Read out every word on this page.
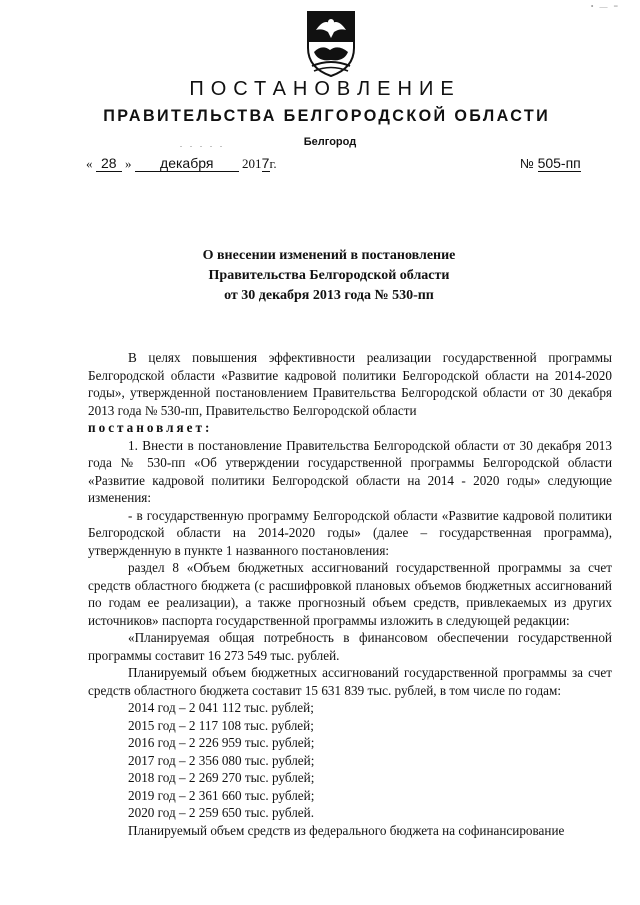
• — =
ПОСТАНОВЛЕНИЕ
ПРАВИТЕЛЬСТВА БЕЛГОРОДСКОЙ ОБЛАСТИ
. . . . .	Белгород
« 28 » декабря 2017г.	№ 505-пп
О внесении изменений в постановление
Правительства Белгородской области
от 30 декабря 2013 года № 530-пп

В целях повышения эффективности реализации государственной программы Белгородской области «Развитие кадровой политики Белгородской области на 2014-2020 годы», утвержденной постановлением Правительства Белгородской области от 30 декабря 2013 года № 530-пп, Правительство Белгородской области

постановляет:

1. Внести в постановление Правительства Белгородской области от 30 декабря 2013 года № 530-пп «Об утверждении государственной программы Белгородской области «Развитие кадровой политики Белгородской области на 2014 - 2020 годы» следующие изменения:

- в государственную программу Белгородской области «Развитие кадровой политики Белгородской области на 2014-2020 годы» (далее – государственная программа), утвержденную в пункте 1 названного постановления:

раздел 8 «Объем бюджетных ассигнований государственной программы за счет средств областного бюджета (с расшифровкой плановых объемов бюджетных ассигнований по годам ее реализации), а также прогнозный объем средств, привлекаемых из других источников» паспорта государственной программы изложить в следующей редакции:

«Планируемая общая потребность в финансовом обеспечении государственной программы составит 16 273 549 тыс. рублей.

Планируемый объем бюджетных ассигнований государственной программы за счет средств областного бюджета составит 15 631 839 тыс. рублей, в том числе по годам:

2014 год – 2 041 112 тыс. рублей;

2015 год – 2 117 108 тыс. рублей;

2016 год – 2 226 959 тыс. рублей;

2017 год – 2 356 080 тыс. рублей;

2018 год – 2 269 270 тыс. рублей;

2019 год – 2 361 660 тыс. рублей;

2020 год – 2 259 650 тыс. рублей.

Планируемый объем средств из федерального бюджета на софинансирование
